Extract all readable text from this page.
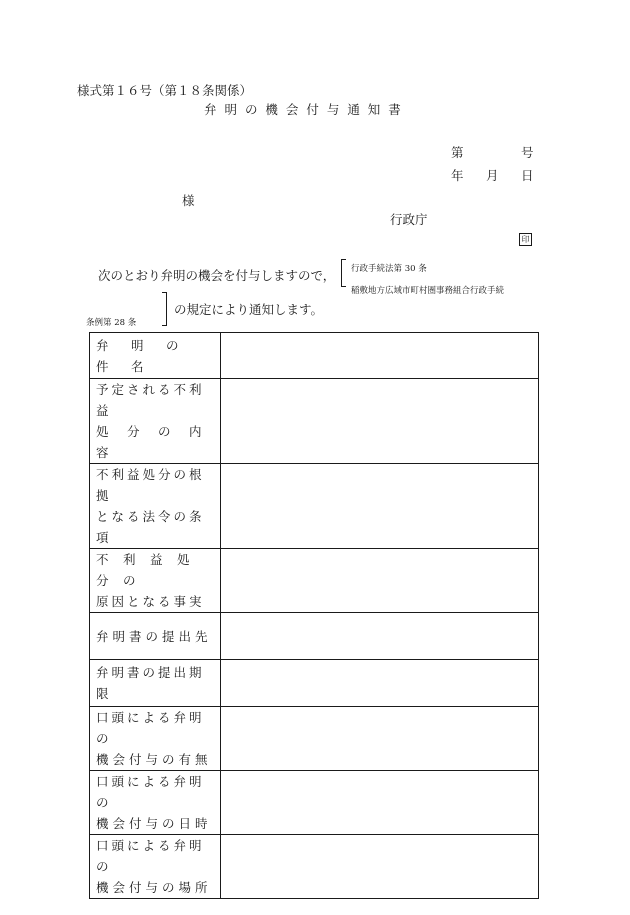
様式第１６号（第１８条関係）
弁 明 の 機 会 付 与 通 知 書
第	号
年 月 日
様
行政庁
印
次のとおり弁明の機会を付与しますので， 行政手続法第 30 条
稲敷地方広域市町村圏事務組合行政手続
条例第 28 条
の規定により通知します。
弁　明　の　件　名	

予定される不利益
処　分　の　内　容	

不利益処分の根拠
となる法令の条項	

不　利　益　処　分　の
原因となる事実	

弁明書の提出先	

弁明書の提出期限	

口頭による弁明の
機会付与の有無	

口頭による弁明の
機会付与の日時	

口頭による弁明の
機会付与の場所	
